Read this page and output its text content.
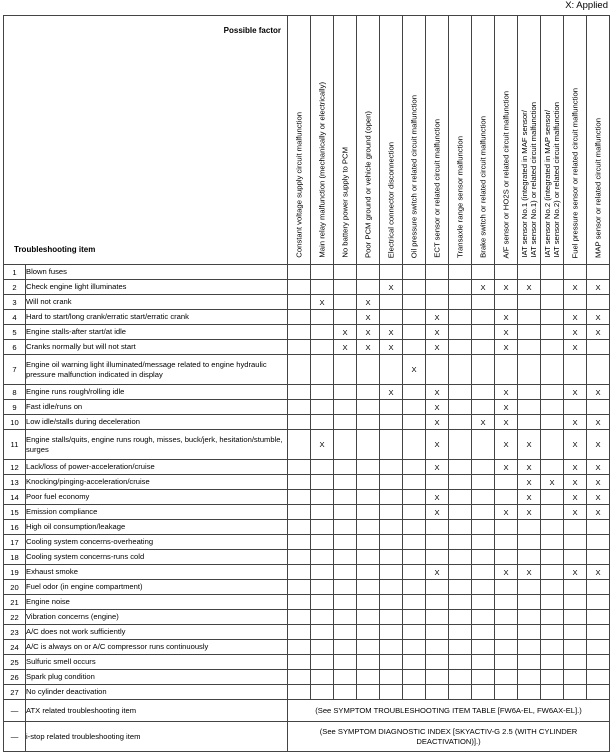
X: Applied
Possible factor
Troubleshooting item		Constant voltage supply circuit malfunction	Main relay malfunction (mechanically or electrically)	No battery power supply to PCM	Poor PCM ground or vehicle ground (open)	Electrical connector disconnection	Oil pressure switch or related circuit malfunction	ECT sensor or related circuit malfunction	Transaxle range sensor malfunction	Brake switch or related circuit malfunction	A/F sensor or HO2S or related circuit malfunction	IAT sensor No.1 (integrated in MAF sensor/
IAT sensor No.1) or related circuit malfunction	IAT sensor No.2 (integrated in MAP sensor/
IAT sensor No.2) or related circuit malfunction	Fuel pressure sensor or related circuit malfunction	MAP sensor or related circuit malfunction

1	Blown fuses														
2	Check engine light illuminates					X				X	X	X		X	X
3	Will not crank		X		X										
4	Hard to start/long crank/erratic start/erratic crank				X			X			X			X	X
5	Engine stalls-after start/at idle			X	X	X		X			X			X	X
6	Cranks normally but will not start			X	X	X		X			X			X	
7	Engine oil warning light illuminated/message related to engine hydraulic pressure malfunction indicated in display						X								
8	Engine runs rough/rolling idle					X		X			X			X	X
9	Fast idle/runs on							X			X				
10	Low idle/stalls during deceleration							X		X	X			X	X
11	Engine stalls/quits, engine runs rough, misses, buck/jerk, hesitation/stumble, surges		X					X			X	X		X	X
12	Lack/loss of power-acceleration/cruise							X			X	X		X	X
13	Knocking/pinging-acceleration/cruise											X	X	X	X
14	Poor fuel economy							X				X		X	X
15	Emission compliance							X			X	X		X	X
16	High oil consumption/leakage														
17	Cooling system concerns-overheating														
18	Cooling system concerns-runs cold														
19	Exhaust smoke							X			X	X		X	X
20	Fuel odor (in engine compartment)														
21	Engine noise														
22	Vibration concerns (engine)														
23	A/C does not work sufficiently														
24	A/C is always on or A/C compressor runs continuously														
25	Sulfuric smell occurs														
26	Spark plug condition														
27	No cylinder deactivation														
—	ATX related troubleshooting item	(See SYMPTOM TROUBLESHOOTING ITEM TABLE [FW6A-EL, FW6AX-EL].)													
—	i-stop related troubleshooting item	(See SYMPTOM DIAGNOSTIC INDEX [SKYACTIV-G 2.5 (WITH CYLINDER DEACTIVATION)].)													
